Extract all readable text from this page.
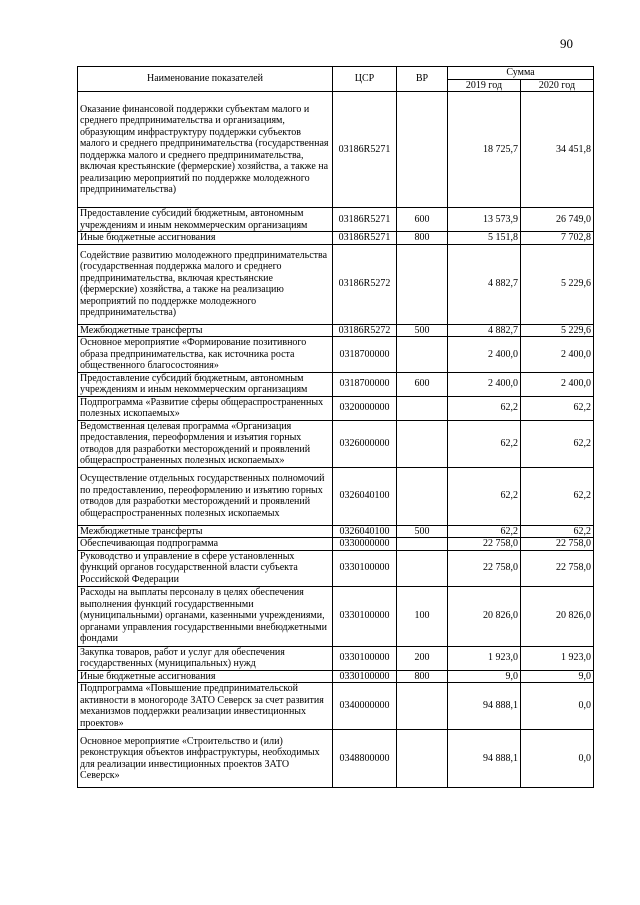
90
Наименование показателей	ЦСР	ВР	Сумма	
			2019 год	2020 год
Оказание финансовой поддержки субъектам малого и среднего предпринимательства и организациям, образующим инфраструктуру поддержки субъектов малого и среднего предпринимательства (государственная поддержка малого и среднего предпринимательства, включая крестьянские (фермерские) хозяйства, а также на реализацию мероприятий по поддержке молодежного предпринимательства)	03186R5271		18 725,7	34 451,8
Предоставление субсидий бюджетным, автономным учреждениям и иным некоммерческим организациям	03186R5271	600	13 573,9	26 749,0
Иные бюджетные ассигнования	03186R5271	800	5 151,8	7 702,8
Содействие развитию молодежного предпринимательства (государственная поддержка малого и среднего предпринимательства, включая крестьянские (фермерские) хозяйства, а также на реализацию мероприятий по поддержке молодежного предпринимательства)	03186R5272		4 882,7	5 229,6
Межбюджетные трансферты	03186R5272	500	4 882,7	5 229,6
Основное мероприятие «Формирование позитивного образа предпринимательства, как источника роста общественного благосостояния»	0318700000		2 400,0	2 400,0
Предоставление субсидий бюджетным, автономным учреждениям и иным некоммерческим организациям	0318700000	600	2 400,0	2 400,0
Подпрограмма «Развитие сферы общераспространенных полезных ископаемых»	0320000000		62,2	62,2
Ведомственная целевая программа «Организация предоставления, переоформления и изъятия горных отводов для разработки месторождений и проявлений общераспространенных полезных ископаемых»	0326000000		62,2	62,2
Осуществление отдельных государственных полномочий по предоставлению, переоформлению и изъятию горных отводов для разработки месторождений и проявлений общераспространенных полезных ископаемых	0326040100		62,2	62,2
Межбюджетные трансферты	0326040100	500	62,2	62,2
Обеспечивающая подпрограмма	0330000000		22 758,0	22 758,0
Руководство и управление в сфере установленных функций органов государственной власти субъекта Российской Федерации	0330100000		22 758,0	22 758,0
Расходы на выплаты персоналу в целях обеспечения выполнения функций государственными (муниципальными) органами, казенными учреждениями, органами управления государственными внебюджетными фондами	0330100000	100	20 826,0	20 826,0
Закупка товаров, работ и услуг для обеспечения государственных (муниципальных) нужд	0330100000	200	1 923,0	1 923,0
Иные бюджетные ассигнования	0330100000	800	9,0	9,0
Подпрограмма «Повышение предпринимательской активности в моногороде ЗАТО Северск за счет развития механизмов поддержки реализации инвестиционных проектов»	0340000000		94 888,1	0,0
Основное мероприятие «Строительство и (или) реконструкция объектов инфраструктуры, необходимых для реализации инвестиционных проектов ЗАТО Северск»	0348800000		94 888,1	0,0
